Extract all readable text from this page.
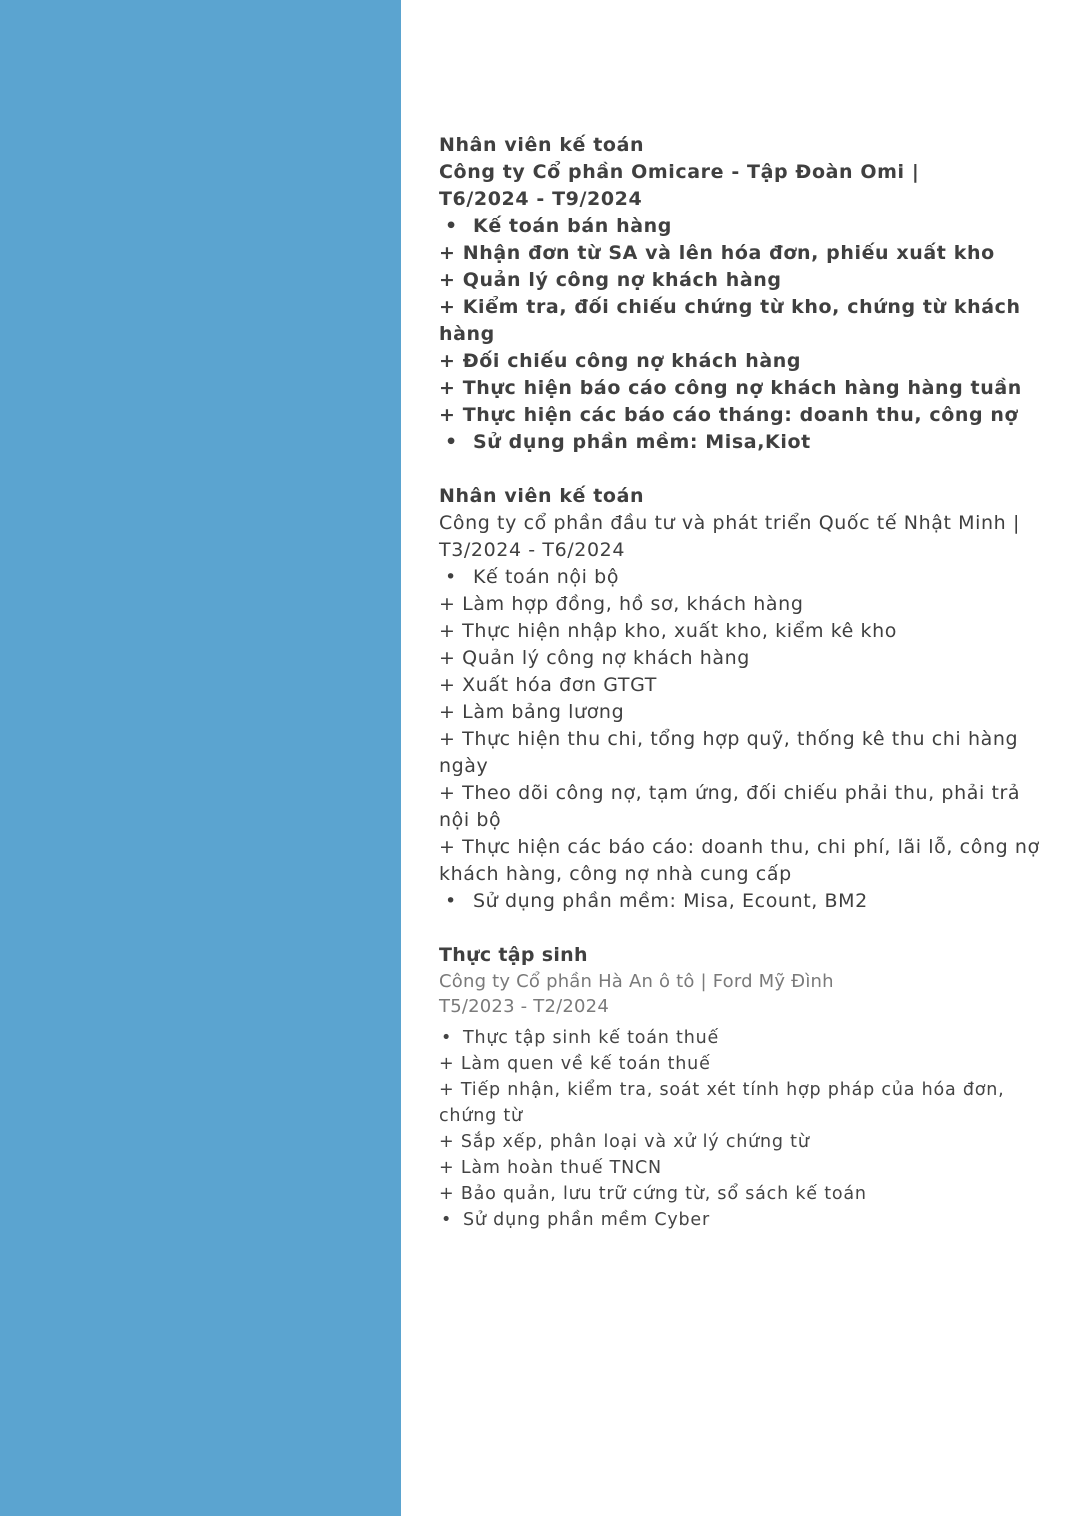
Nhân viên kế toán
Công ty Cổ phần Omicare - Tập Đoàn Omi |
T6/2024 - T9/2024
• Kế toán bán hàng
+ Nhận đơn từ SA và lên hóa đơn, phiếu xuất kho
+ Quản lý công nợ khách hàng
+ Kiểm tra, đối chiếu chứng từ kho, chứng từ khách hàng
+ Đối chiếu công nợ khách hàng
+ Thực hiện báo cáo công nợ khách hàng hàng tuần
+ Thực hiện các báo cáo tháng: doanh thu, công nợ
• Sử dụng phần mềm: Misa,Kiot
Nhân viên kế toán
Công ty cổ phần đầu tư và phát triển Quốc tế Nhật Minh |
T3/2024 - T6/2024
• Kế toán nội bộ
+ Làm hợp đồng, hồ sơ, khách hàng
+ Thực hiện nhập kho, xuất kho, kiểm kê kho
+ Quản lý công nợ khách hàng
+ Xuất hóa đơn GTGT
+ Làm bảng lương
+ Thực hiện thu chi, tổng hợp quỹ, thống kê thu chi hàng ngày
+ Theo dõi công nợ, tạm ứng, đối chiếu phải thu, phải trả nội bộ
+ Thực hiện các báo cáo: doanh thu, chi phí, lãi lỗ, công nợ khách hàng, công nợ nhà cung cấp
• Sử dụng phần mềm: Misa, Ecount, BM2
Thực tập sinh
Công ty Cổ phần Hà An ô tô | Ford Mỹ Đình
T5/2023 - T2/2024
• Thực tập sinh kế toán thuế
+ Làm quen về kế toán thuế
+ Tiếp nhận, kiểm tra, soát xét tính hợp pháp của hóa đơn, chứng từ
+ Sắp xếp, phân loại và xử lý chứng từ
+ Làm hoàn thuế TNCN
+ Bảo quản, lưu trữ cứng từ, sổ sách kế toán
• Sử dụng phần mềm Cyber
